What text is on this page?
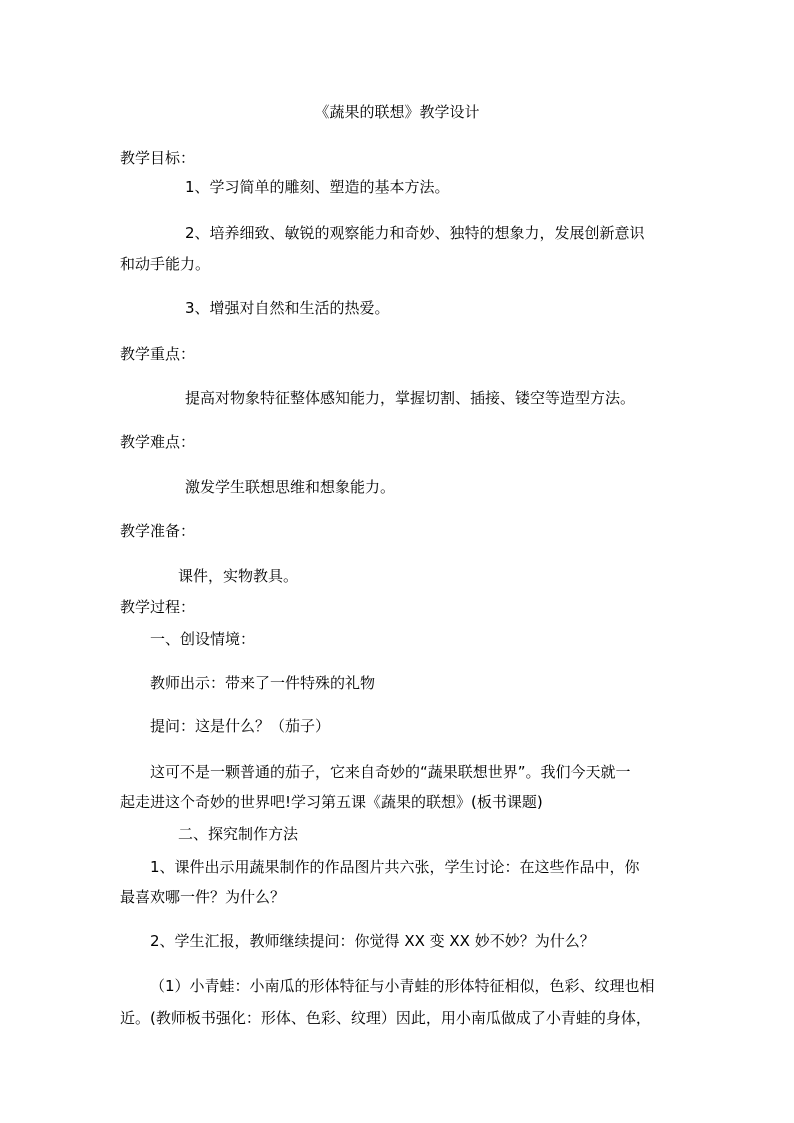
《蔬果的联想》教学设计

教学目标：

1、学习简单的雕刻、塑造的基本方法。

2、培养细致、敏锐的观察能力和奇妙、独特的想象力，发展创新意识

和动手能力。

3、增强对自然和生活的热爱。

教学重点：

提高对物象特征整体感知能力，掌握切割、插接、镂空等造型方法。

教学难点：

激发学生联想思维和想象能力。

教学准备：

课件，实物教具。

教学过程：

一、创设情境：

教师出示：带来了一件特殊的礼物

提问：这是什么？（茄子）

这可不是一颗普通的茄子，它来自奇妙的“蔬果联想世界”。我们今天就一

起走进这个奇妙的世界吧!学习第五课《蔬果的联想》(板书课题)

二、探究制作方法

1、课件出示用蔬果制作的作品图片共六张，学生讨论：在这些作品中，你

最喜欢哪一件？为什么？

2、学生汇报，教师继续提问：你觉得 XX 变 XX 妙不妙？为什么？

（1）小青蛙：小南瓜的形体特征与小青蛙的形体特征相似，色彩、纹理也相

近。(教师板书强化：形体、色彩、纹理）因此，用小南瓜做成了小青蛙的身体，
